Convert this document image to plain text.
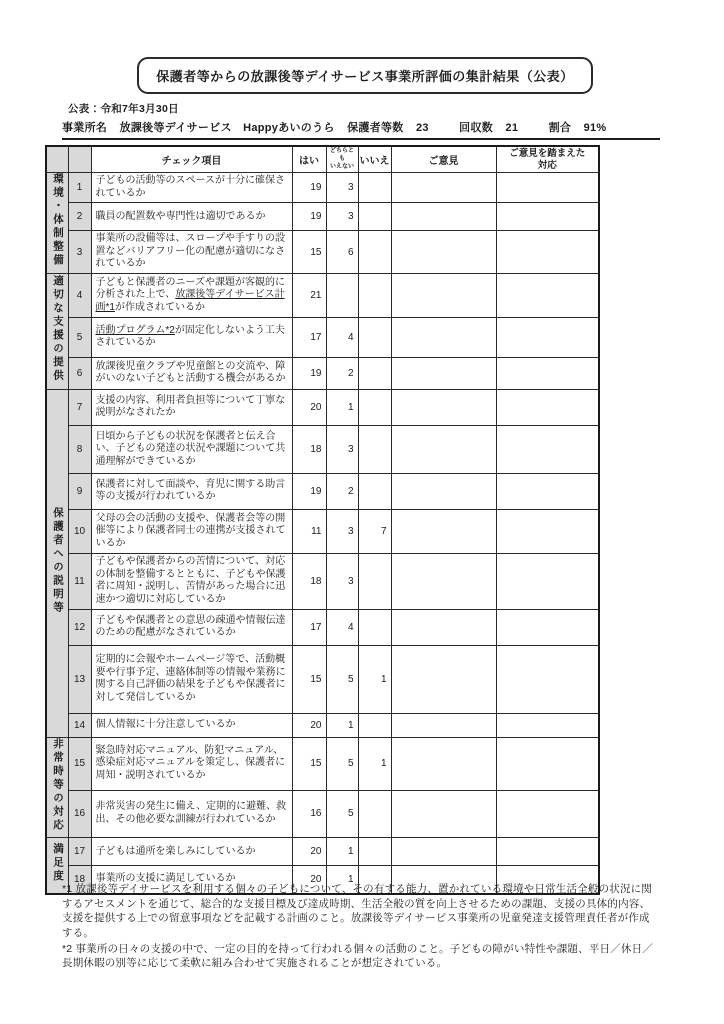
保護者等からの放課後等デイサービス事業所評価の集計結果（公表）
公表：令和7年3月30日
事業所名 放課後等デイサービス　Happyあいのうら 保護者等数 23	回収数 21	割合 91%
		チェック項目	はい	
どちらとも
いえない	いいえ	ご意見	
ご意見を踏まえた
対応

環境・体制整備	1	子どもの活動等のスペースが十分に確保されているか	19	3			
	2	職員の配置数や専門性は適切であるか	19	3			
	3	事業所の設備等は、スロープや手すりの設置などバリアフリー化の配慮が適切になされているか	15	6			
適切な支援の提供	4	子どもと保護者のニーズや課題が客観的に分析された上で、放課後等デイサービス計画*1が作成されているか	21				
	5	活動プログラム*2が固定化しないよう工夫されているか	17	4			
	6	放課後児童クラブや児童館との交流や、障がいのない子どもと活動する機会があるか	19	2			
保護者への説明等	7	支援の内容、利用者負担等について丁寧な説明がなされたか	20	1			
	8	日頃から子どもの状況を保護者と伝え合い、子どもの発達の状況や課題について共通理解ができているか	18	3			
	9	保護者に対して面談や、育児に関する助言等の支援が行われているか	19	2			
	10	父母の会の活動の支援や、保護者会等の開催等により保護者同士の連携が支援されているか	11	3	7		
	11	子どもや保護者からの苦情について、対応の体制を整備するとともに、子どもや保護者に周知・説明し、苦情があった場合に迅速かつ適切に対応しているか	18	3			
	12	子どもや保護者との意思の疎通や情報伝達のための配慮がなされているか	17	4			
	13	定期的に会報やホームページ等で、活動概要や行事予定、連絡体制等の情報や業務に関する自己評価の結果を子どもや保護者に対して発信しているか	15	5	1		
	14	個人情報に十分注意しているか	20	1			
非常時等の対応	15	緊急時対応マニュアル、防犯マニュアル、感染症対応マニュアルを策定し、保護者に周知・説明されているか	15	5	1		
	16	非常災害の発生に備え、定期的に避難、救出、その他必要な訓練が行われているか	16	5			
満足度	17	子どもは通所を楽しみにしているか	20	1			
	18	事業所の支援に満足しているか	20	1			

*1 放課後等デイサービスを利用する個々の子どもについて、その有する能力、置かれている環境や日常生活全般の状況に関するアセスメントを通じて、総合的な支援目標及び達成時期、生活全般の質を向上させるための課題、支援の具体的内容、支援を提供する上での留意事項などを記載する計画のこと。放課後等デイサービス事業所の児童発達支援管理責任者が作成する。

*2 事業所の日々の支援の中で、一定の目的を持って行われる個々の活動のこと。子どもの障がい特性や課題、平日／休日／長期休暇の別等に応じて柔軟に組み合わせて実施されることが想定されている。
